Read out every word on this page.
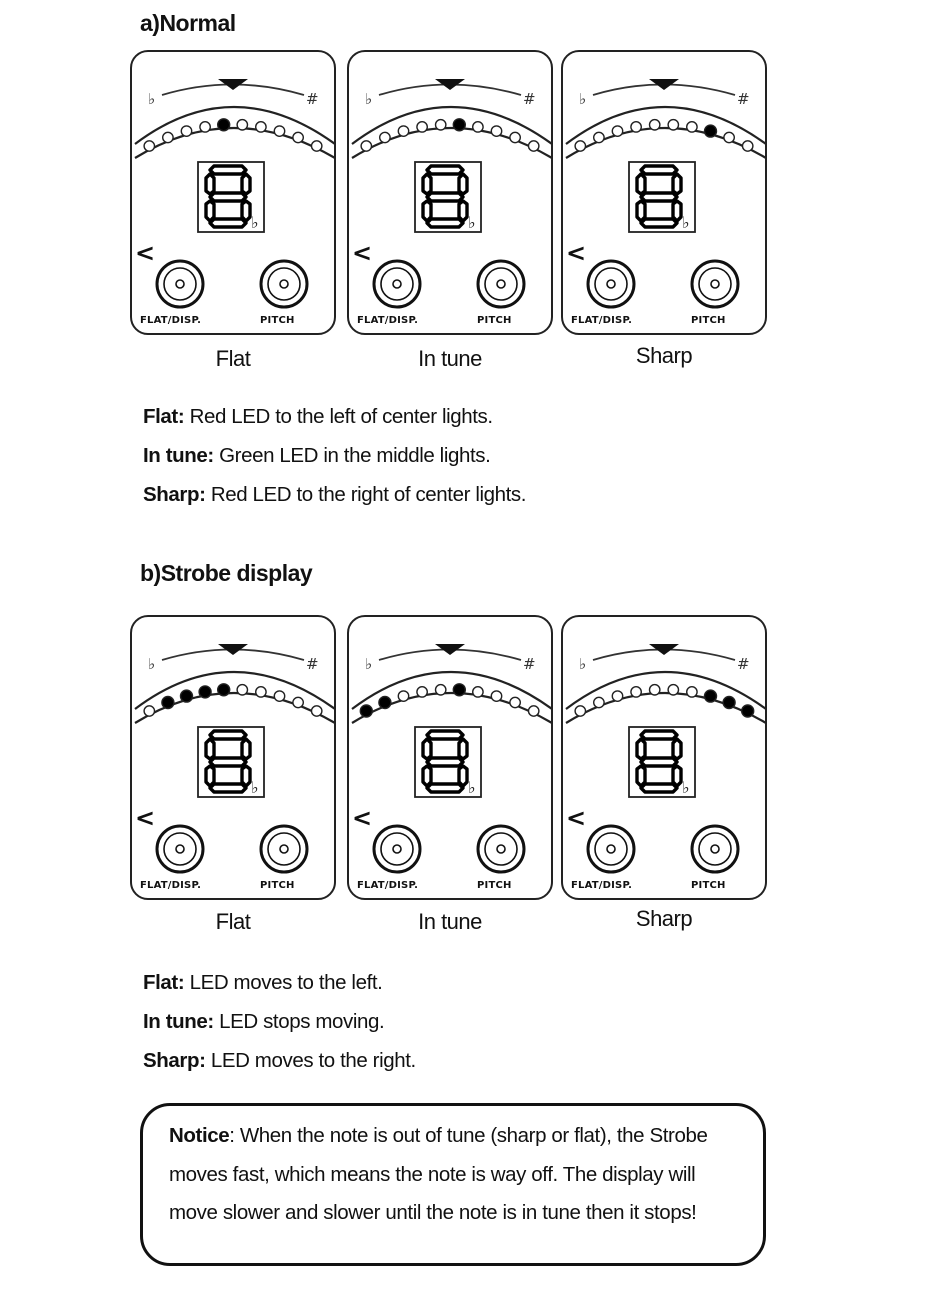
a)Normal
♭	#
♭
<
FLAT/DISP.	PITCH
♭	#
♭
<
FLAT/DISP.	PITCH
♭	#
♭
<
FLAT/DISP.	PITCH
Flat	In tune	Sharp
Flat: Red LED to the left of center lights.
In tune: Green LED in the middle lights.
Sharp: Red LED to the right of center lights.
b)Strobe display
♭	#
♭
<
FLAT/DISP.	PITCH
♭	#
♭
<
FLAT/DISP.	PITCH
♭	#
♭
<
FLAT/DISP.	PITCH
Flat	In tune	Sharp
Flat: LED moves to the left.
In tune: LED stops moving.
Sharp: LED moves to the right.
Notice: When the note is out of tune (sharp or flat), the Strobe moves fast, which means the note is way off. The display will move slower and slower until the note is in tune then it stops!
